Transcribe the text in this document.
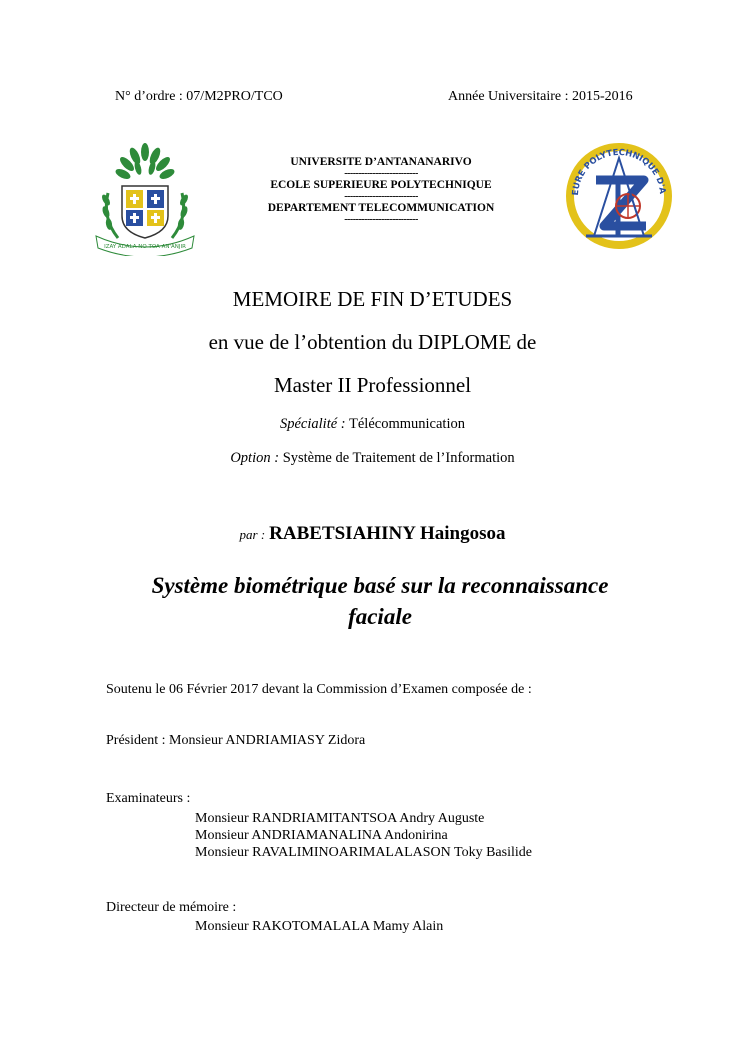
N° d’ordre : 07/M2PRO/TCO	Année Universitaire : 2015-2016
IZAY ADALA NO TOA AN'ANJIR
UNIVERSITE D’ANTANANARIVO
--------------------------
ECOLE SUPERIEURE POLYTECHNIQUE
--------------------------
DEPARTEMENT TELECOMMUNICATION
--------------------------
EURE POLYTECHNIQUE D'A
MEMOIRE DE FIN D’ETUDES
en vue de l’obtention du DIPLOME de
Master II Professionnel
Spécialité : Télécommunication
Option : Système de Traitement de l’Information
par : RABETSIAHINY Haingosoa
Système biométrique basé sur la reconnaissance
faciale
Soutenu le 06 Février 2017 devant la Commission d’Examen composée de :
Président : Monsieur ANDRIAMIASY Zidora
Examinateurs :
Monsieur RANDRIAMITANTSOA Andry Auguste
Monsieur ANDRIAMANALINA Andonirina
Monsieur RAVALIMINOARIMALALASON Toky Basilide
Directeur de mémoire :
Monsieur RAKOTOMALALA Mamy Alain
